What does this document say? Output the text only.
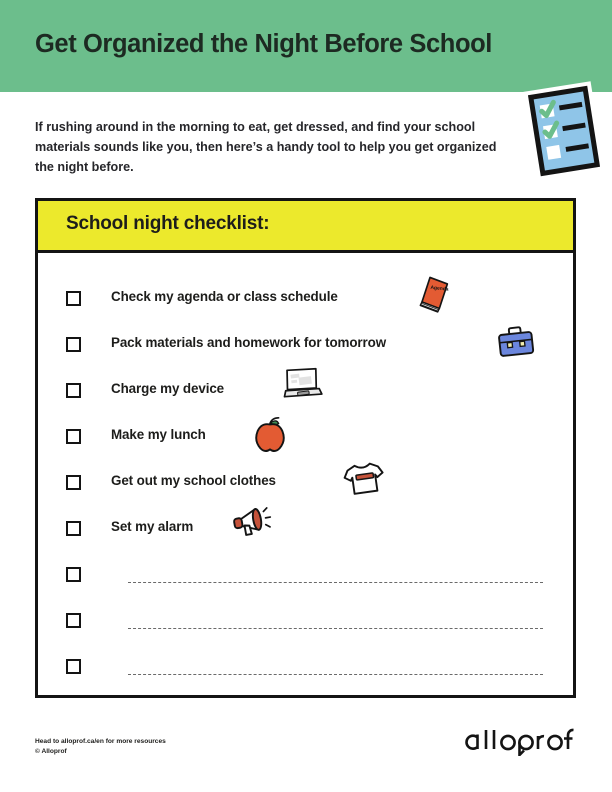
Get Organized the Night Before School
If rushing around in the morning to eat, get dressed, and find your school materials sounds like you, then here’s a handy tool to help you get organized the night before.
School night checklist:
Check my agenda or class schedule	Agenda
Pack materials and homework for tomorrow
Charge my device
Make my lunch
Get out my school clothes
Set my alarm
Head to alloprof.ca/en for more resources
© Alloprof
